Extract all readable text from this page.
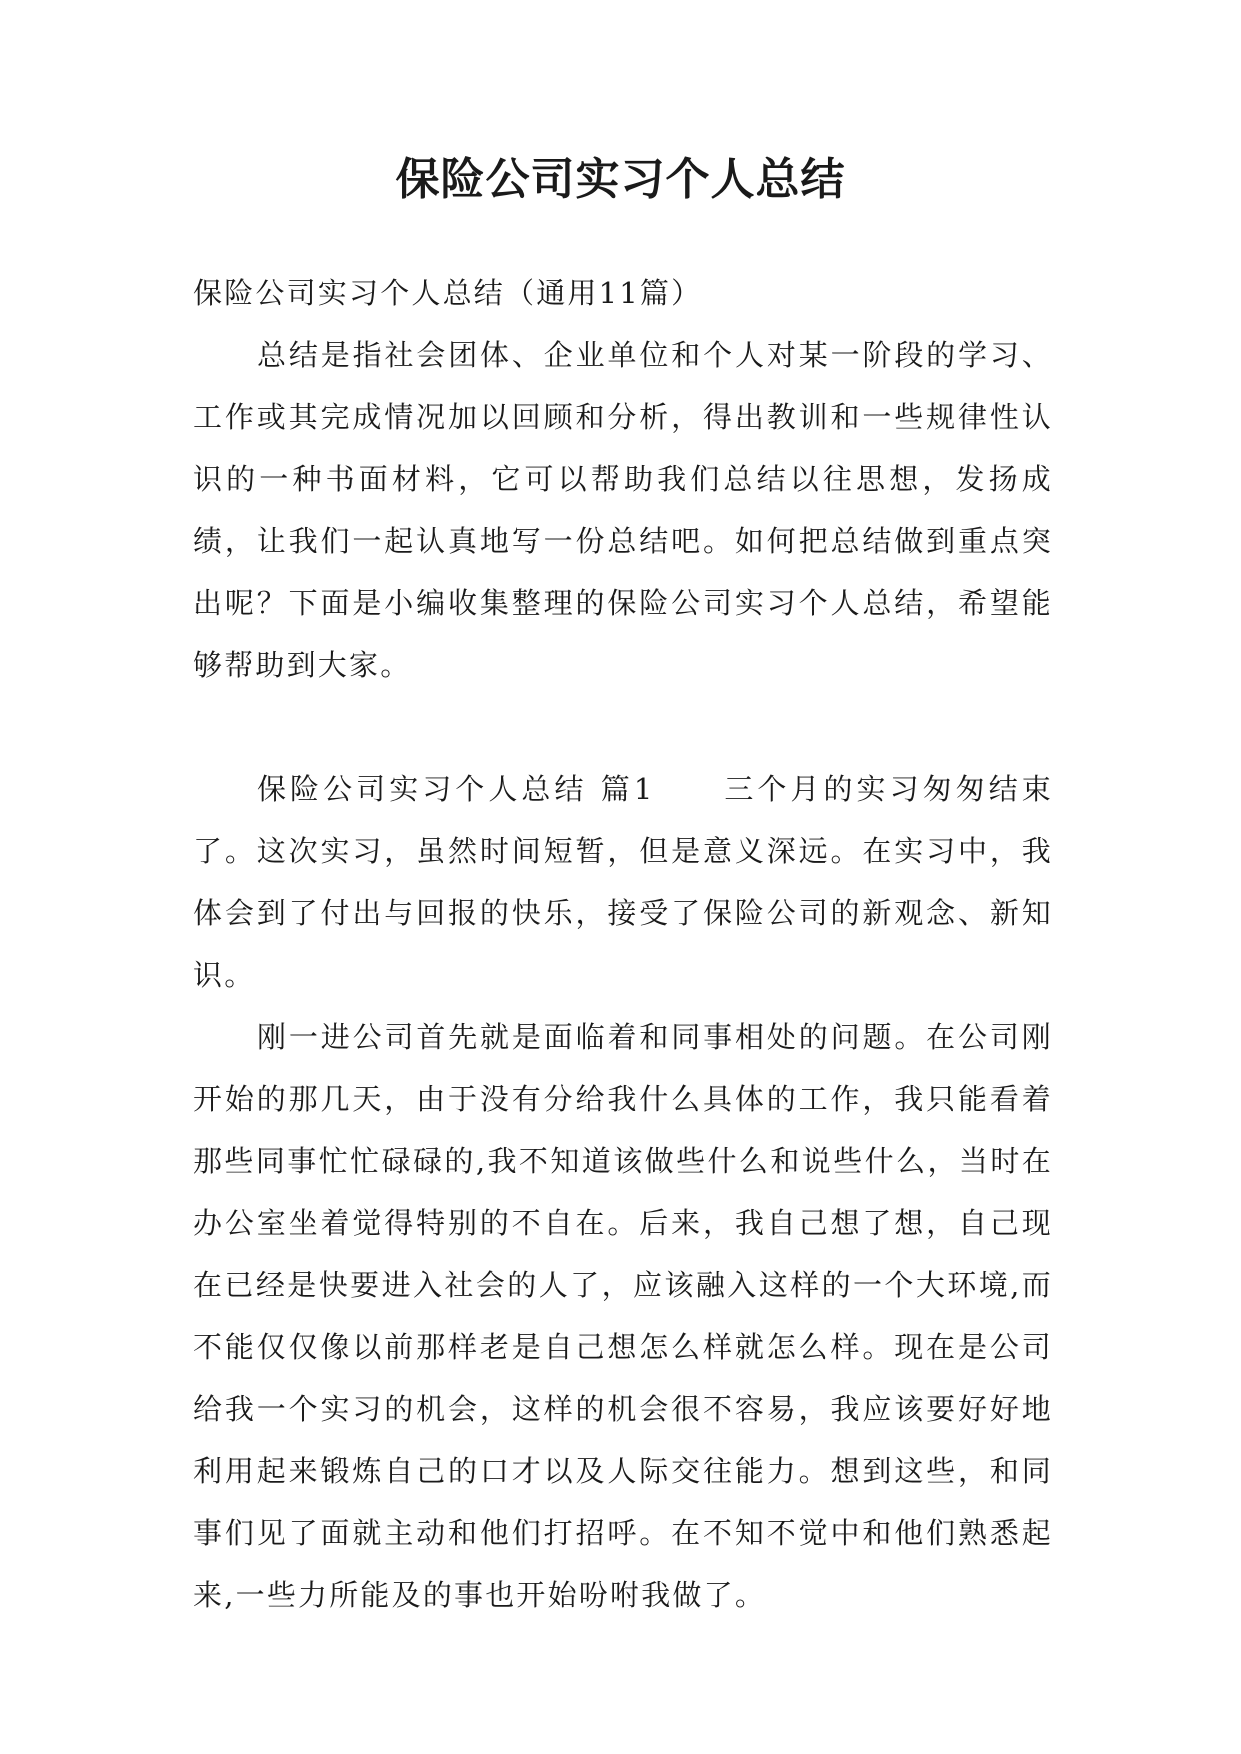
保险公司实习个人总结

保险公司实习个人总结（通用11篇）

总结是指社会团体、企业单位和个人对某一阶段的学习、工作或其完成情况加以回顾和分析，得出教训和一些规律性认识的一种书面材料，它可以帮助我们总结以往思想，发扬成绩，让我们一起认真地写一份总结吧。如何把总结做到重点突出呢？下面是小编收集整理的保险公司实习个人总结，希望能够帮助到大家。

保险公司实习个人总结 篇1 三个月的实习匆匆结束了。这次实习，虽然时间短暂，但是意义深远。在实习中，我体会到了付出与回报的快乐，接受了保险公司的新观念、新知识。

刚一进公司首先就是面临着和同事相处的问题。在公司刚开始的那几天，由于没有分给我什么具体的工作，我只能看着那些同事忙忙碌碌的,我不知道该做些什么和说些什么，当时在办公室坐着觉得特别的不自在。后来，我自己想了想，自己现在已经是快要进入社会的人了，应该融入这样的一个大环境,而不能仅仅像以前那样老是自己想怎么样就怎么样。现在是公司给我一个实习的机会，这样的机会很不容易，我应该要好好地利用起来锻炼自己的口才以及人际交往能力。想到这些，和同事们见了面就主动和他们打招呼。在不知不觉中和他们熟悉起来,一些力所能及的事也开始吩咐我做了。
